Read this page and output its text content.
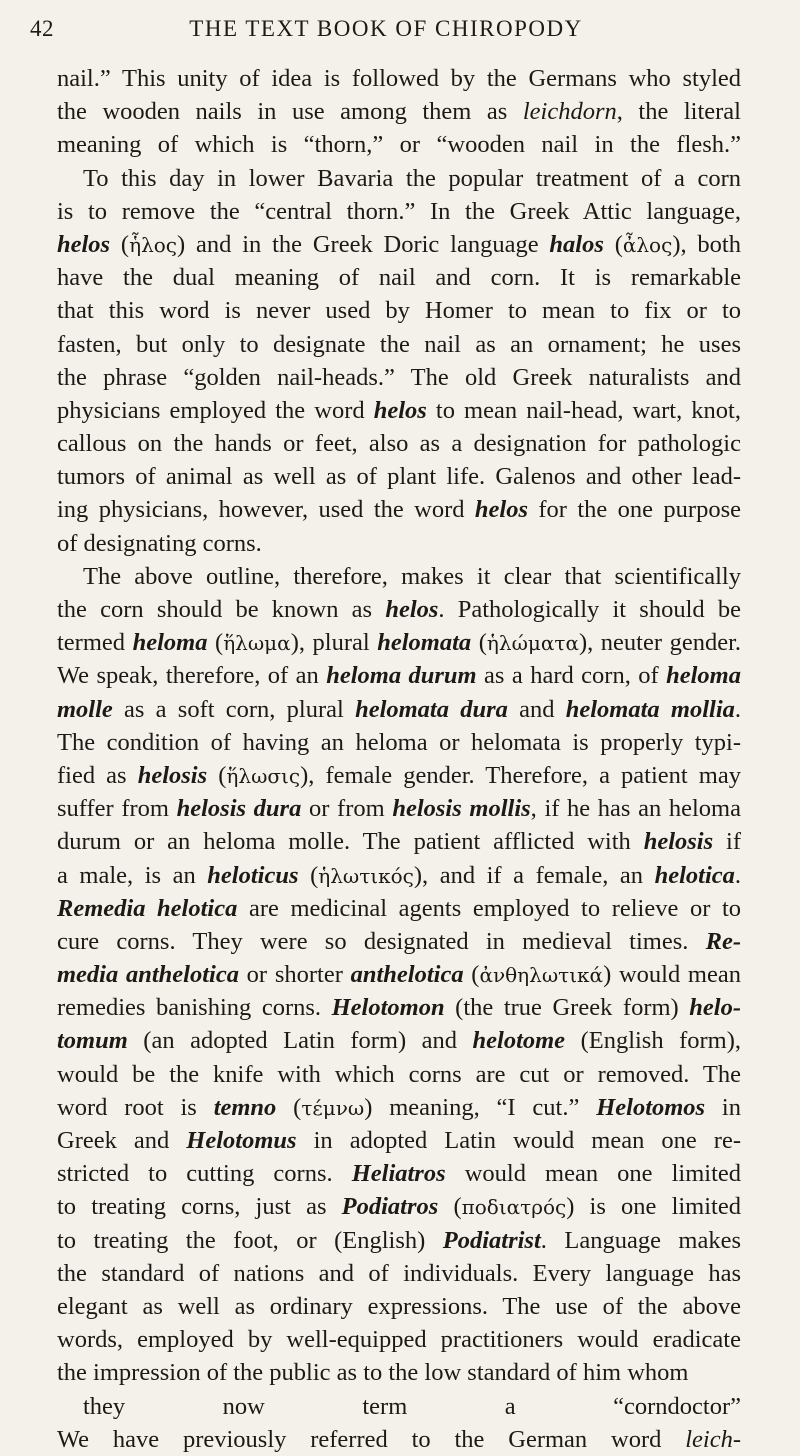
42	THE TEXT BOOK OF CHIROPODY
nail.” This unity of idea is followed by the Germans who styled
the wooden nails in use among them as leichdorn, the literal
meaning of which is “thorn,” or “wooden nail in the flesh.”
To this day in lower Bavaria the popular treatment of a corn
is to remove the “central thorn.” In the Greek Attic language,
helos (ἧλος) and in the Greek Doric language halos (ἆλος), both
have the dual meaning of nail and corn. It is remarkable
that this word is never used by Homer to mean to fix or to
fasten, but only to designate the nail as an ornament; he uses
the phrase “golden nail-heads.” The old Greek naturalists and
physicians employed the word helos to mean nail-head, wart, knot,
callous on the hands or feet, also as a designation for pathologic
tumors of animal as well as of plant life. Galenos and other lead-
ing physicians, however, used the word helos for the one purpose
of designating corns.
The above outline, therefore, makes it clear that scientifically
the corn should be known as helos. Pathologically it should be
termed heloma (ἥλωμα), plural helomata (ἡλώματα), neuter gender.
We speak, therefore, of an heloma durum as a hard corn, of heloma
molle as a soft corn, plural helomata dura and helomata mollia.
The condition of having an heloma or helomata is properly typi-
fied as helosis (ἥλωσις), female gender. Therefore, a patient may
suffer from helosis dura or from helosis mollis, if he has an heloma
durum or an heloma molle. The patient afflicted with helosis if
a male, is an heloticus (ἡλωτικός), and if a female, an helotica.
Remedia helotica are medicinal agents employed to relieve or to
cure corns. They were so designated in medieval times. Re-
media anthelotica or shorter anthelotica (ἀνθηλωτικά) would mean
remedies banishing corns. Helotomon (the true Greek form) helo-
tomum (an adopted Latin form) and helotome (English form),
would be the knife with which corns are cut or removed. The
word root is temno (τέμνω) meaning, “I cut.” Helotomos in
Greek and Helotomus in adopted Latin would mean one re-
stricted to cutting corns. Heliatros would mean one limited
to treating corns, just as Podiatros (ποδιατρός) is one limited
to treating the foot, or (English) Podiatrist. Language makes
the standard of nations and of individuals. Every language has
elegant as well as ordinary expressions. The use of the above
words, employed by well-equipped practitioners would eradicate
the impression of the public as to the low standard of him whom
they now term a “corndoctor”
We have previously referred to the German word leich-
